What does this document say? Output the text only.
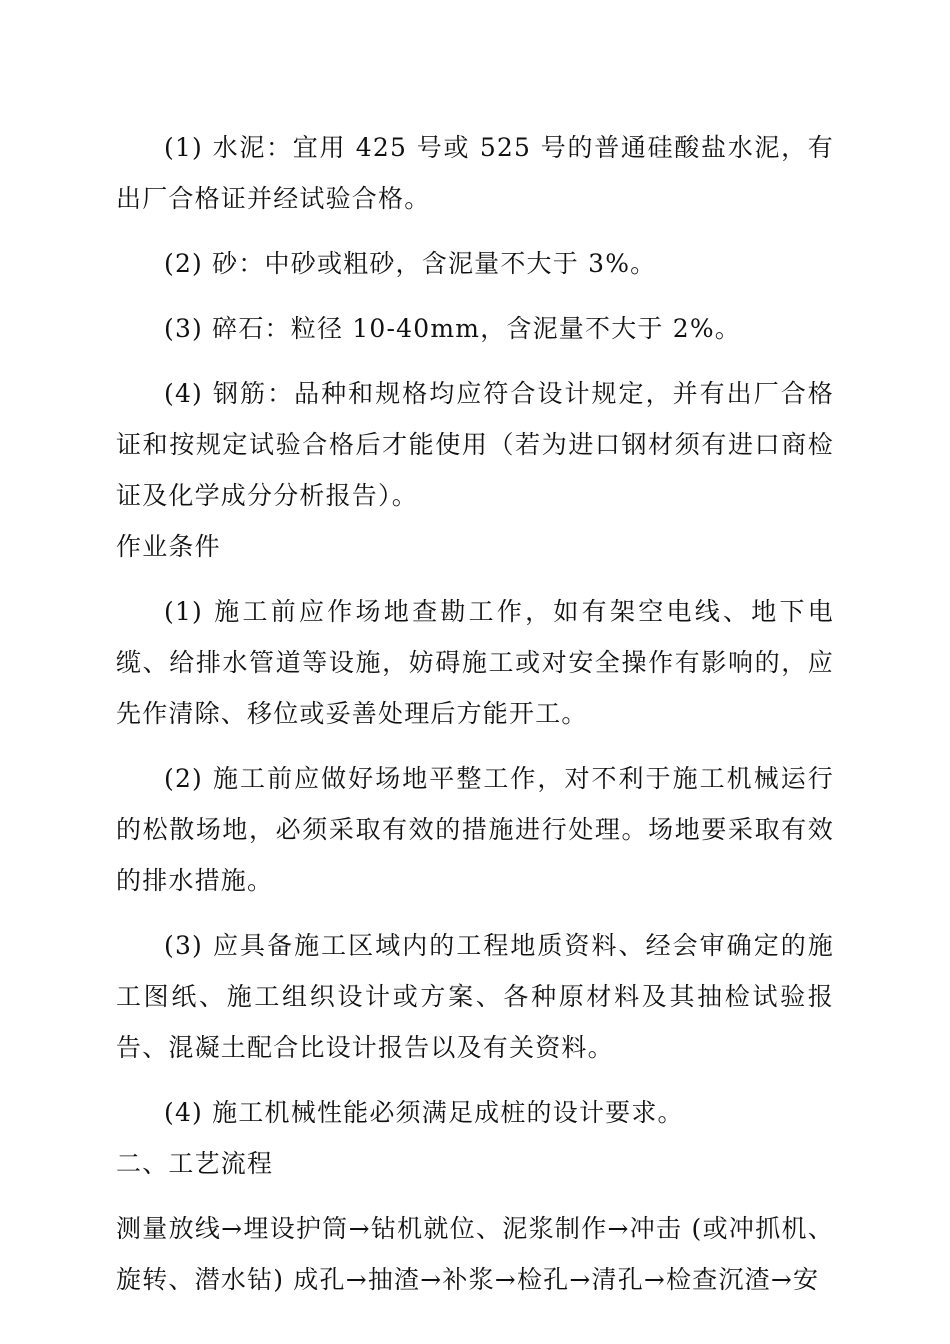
(1) 水泥：宜用 425 号或 525 号的普通硅酸盐水泥，有出厂合格证并经试验合格。

(2) 砂：中砂或粗砂，含泥量不大于 3%。

(3) 碎石：粒径 10-40mm，含泥量不大于 2%。

(4) 钢筋：品种和规格均应符合设计规定，并有出厂合格证和按规定试验合格后才能使用（若为进口钢材须有进口商检证及化学成分分析报告）。

作业条件

(1) 施工前应作场地查勘工作，如有架空电线、地下电缆、给排水管道等设施，妨碍施工或对安全操作有影响的，应先作清除、移位或妥善处理后方能开工。

(2) 施工前应做好场地平整工作，对不利于施工机械运行的松散场地，必须采取有效的措施进行处理。场地要采取有效的排水措施。

(3) 应具备施工区域内的工程地质资料、经会审确定的施工图纸、施工组织设计或方案、各种原材料及其抽检试验报告、混凝土配合比设计报告以及有关资料。

(4) 施工机械性能必须满足成桩的设计要求。

二、工艺流程

测量放线→埋设护筒→钻机就位、泥浆制作→冲击 (或冲抓机、旋转、潜水钻) 成孔→抽渣→补浆→检孔→清孔→检查沉渣→安
